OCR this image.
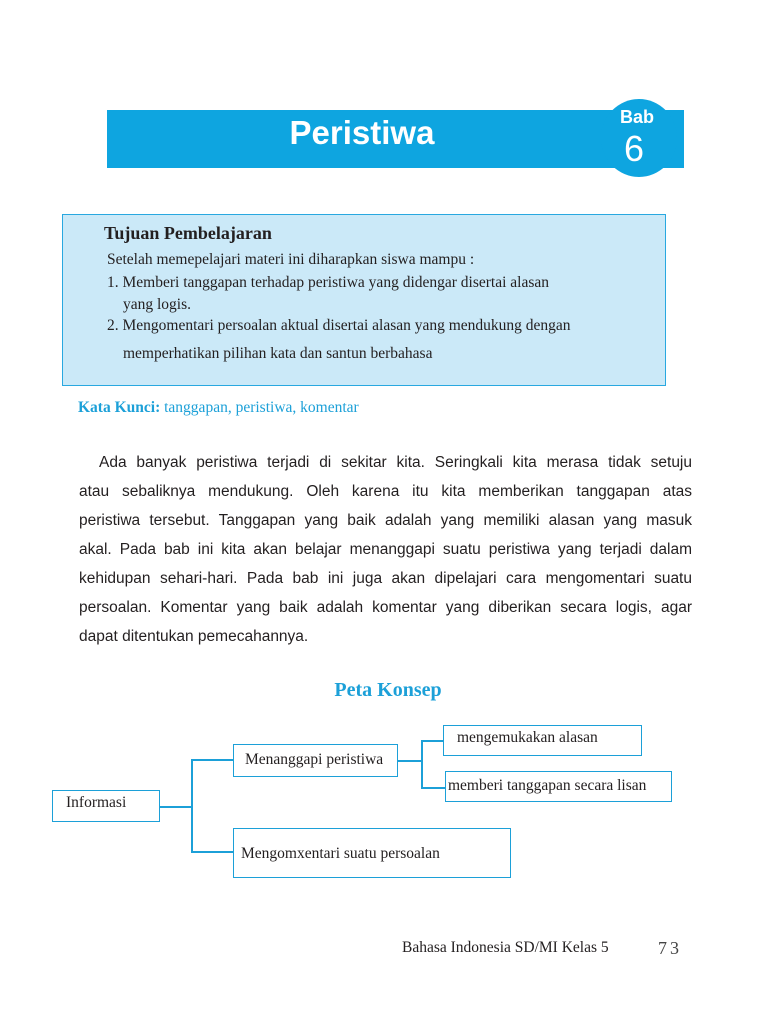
Peristiwa	Bab
6
Tujuan Pembelajaran
Setelah memepelajari materi ini diharapkan siswa mampu :
1. Memberi tanggapan terhadap peristiwa yang didengar disertai alasan
yang logis.
2. Mengomentari persoalan aktual disertai alasan yang mendukung dengan
memperhatikan pilihan kata dan santun berbahasa
Kata Kunci: tanggapan, peristiwa, komentar
Ada banyak peristiwa terjadi di sekitar kita. Seringkali kita merasa tidak setuju
atau sebaliknya mendukung. Oleh karena itu kita memberikan tanggapan atas
peristiwa tersebut. Tanggapan yang baik adalah yang memiliki alasan yang masuk
akal. Pada bab ini kita akan belajar menanggapi suatu peristiwa yang terjadi dalam
kehidupan sehari-hari. Pada bab ini juga akan dipelajari cara mengomentari suatu
persoalan. Komentar yang baik adalah komentar yang diberikan secara logis, agar
dapat ditentukan pemecahannya.
Peta Konsep
Informasi
Menanggapi peristiwa
mengemukakan alasan
memberi tanggapan secara lisan
Mengomxentari suatu persoalan
Bahasa Indonesia SD/MI Kelas 5	73
